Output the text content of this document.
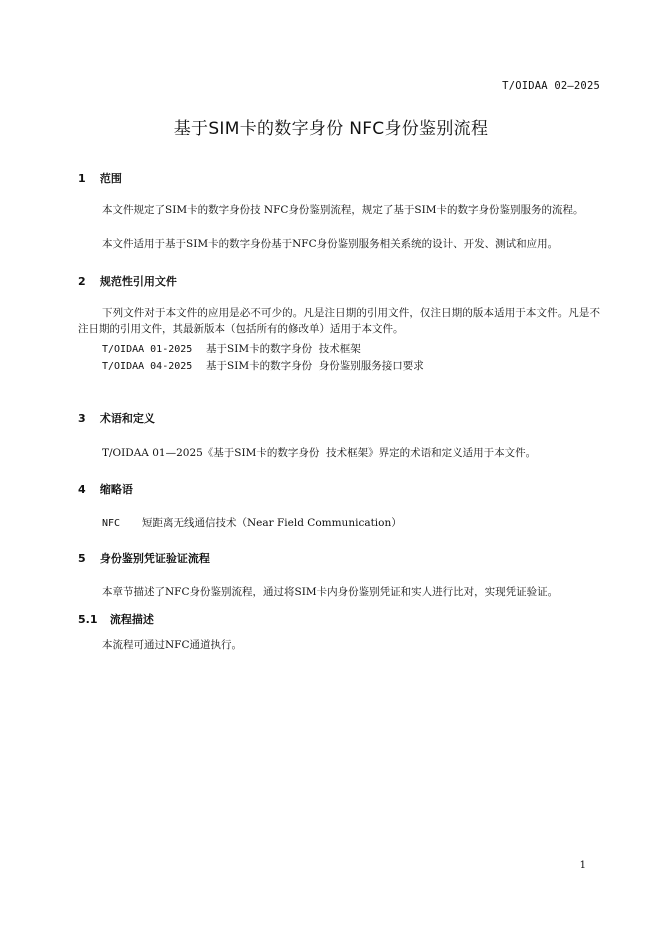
T/OIDAA 02—2025
基于SIM卡的数字身份 NFC身份鉴别流程
1 范围
本文件规定了SIM卡的数字身份技 NFC身份鉴别流程，规定了基于SIM卡的数字身份鉴别服务的流程。
本文件适用于基于SIM卡的数字身份基于NFC身份鉴别服务相关系统的设计、开发、测试和应用。
2 规范性引用文件
下列文件对于本文件的应用是必不可少的。凡是注日期的引用文件，仅注日期的版本适用于本文件。凡是不注日期的引用文件，其最新版本（包括所有的修改单）适用于本文件。
T/OIDAA 01-2025 基于SIM卡的数字身份  技术框架
T/OIDAA 04-2025 基于SIM卡的数字身份  身份鉴别服务接口要求
3 术语和定义
T/OIDAA 01—2025《基于SIM卡的数字身份  技术框架》界定的术语和定义适用于本文件。
4 缩略语
NFC 短距离无线通信技术（Near Field Communication）
5 身份鉴别凭证验证流程
本章节描述了NFC身份鉴别流程，通过将SIM卡内身份鉴别凭证和实人进行比对，实现凭证验证。
5.1 流程描述
本流程可通过NFC通道执行。
1
